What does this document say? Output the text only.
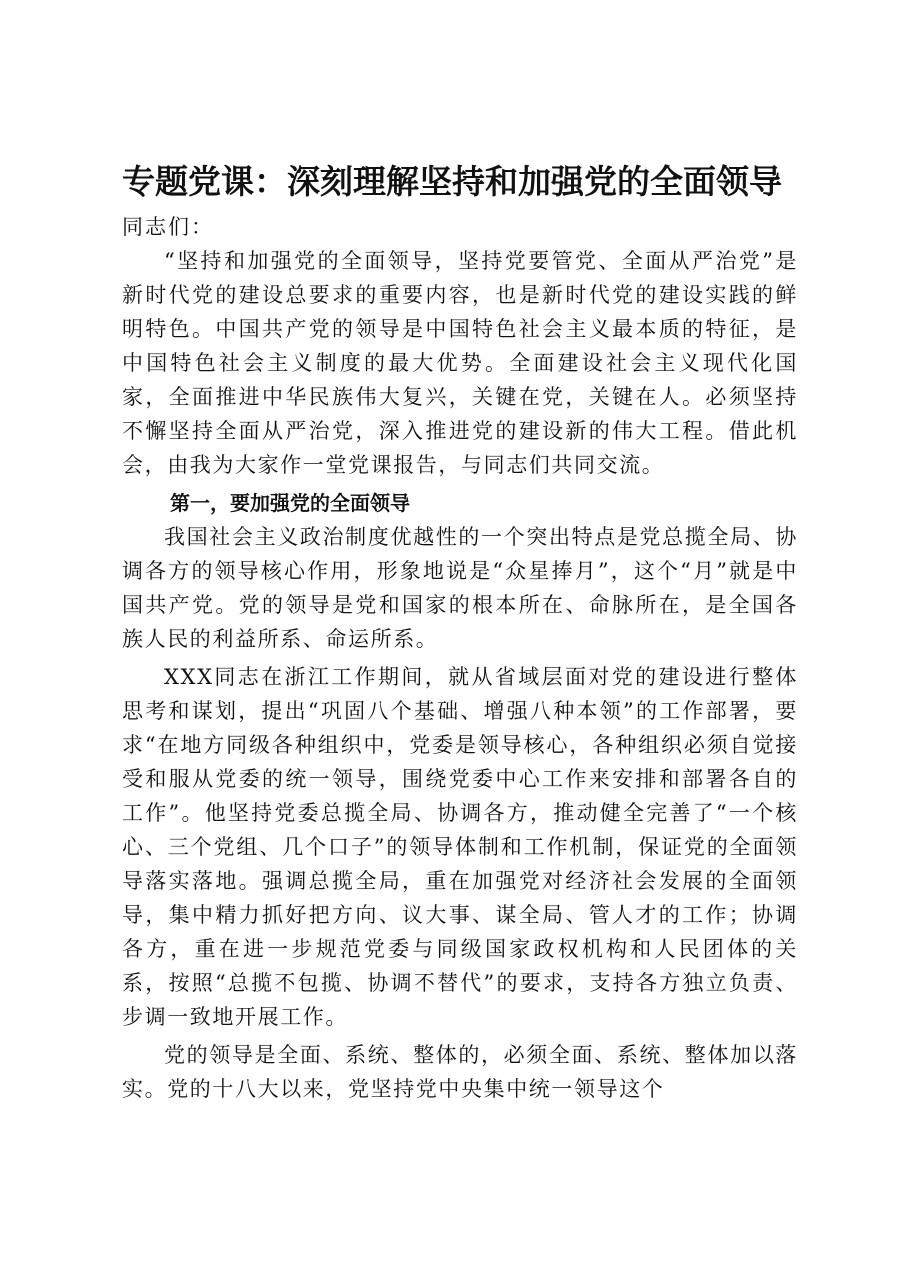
专题党课：深刻理解坚持和加强党的全面领导

同志们：

“坚持和加强党的全面领导，坚持党要管党、全面从严治党”是新时代党的建设总要求的重要内容，也是新时代党的建设实践的鲜明特色。中国共产党的领导是中国特色社会主义最本质的特征，是中国特色社会主义制度的最大优势。全面建设社会主义现代化国家，全面推进中华民族伟大复兴，关键在党，关键在人。必须坚持不懈坚持全面从严治党，深入推进党的建设新的伟大工程。借此机会，由我为大家作一堂党课报告，与同志们共同交流。

第一，要加强党的全面领导

我国社会主义政治制度优越性的一个突出特点是党总揽全局、协调各方的领导核心作用，形象地说是“众星捧月”，这个“月”就是中国共产党。党的领导是党和国家的根本所在、命脉所在，是全国各族人民的利益所系、命运所系。

XXX同志在浙江工作期间，就从省域层面对党的建设进行整体思考和谋划，提出“巩固八个基础、增强八种本领”的工作部署，要求“在地方同级各种组织中，党委是领导核心，各种组织必须自觉接受和服从党委的统一领导，围绕党委中心工作来安排和部署各自的工作”。他坚持党委总揽全局、协调各方，推动健全完善了“一个核心、三个党组、几个口子”的领导体制和工作机制，保证党的全面领导落实落地。强调总揽全局，重在加强党对经济社会发展的全面领导，集中精力抓好把方向、议大事、谋全局、管人才的工作；协调各方，重在进一步规范党委与同级国家政权机构和人民团体的关系，按照“总揽不包揽、协调不替代”的要求，支持各方独立负责、步调一致地开展工作。

党的领导是全面、系统、整体的，必须全面、系统、整体加以落实。党的十八大以来，党坚持党中央集中统一领导这个
